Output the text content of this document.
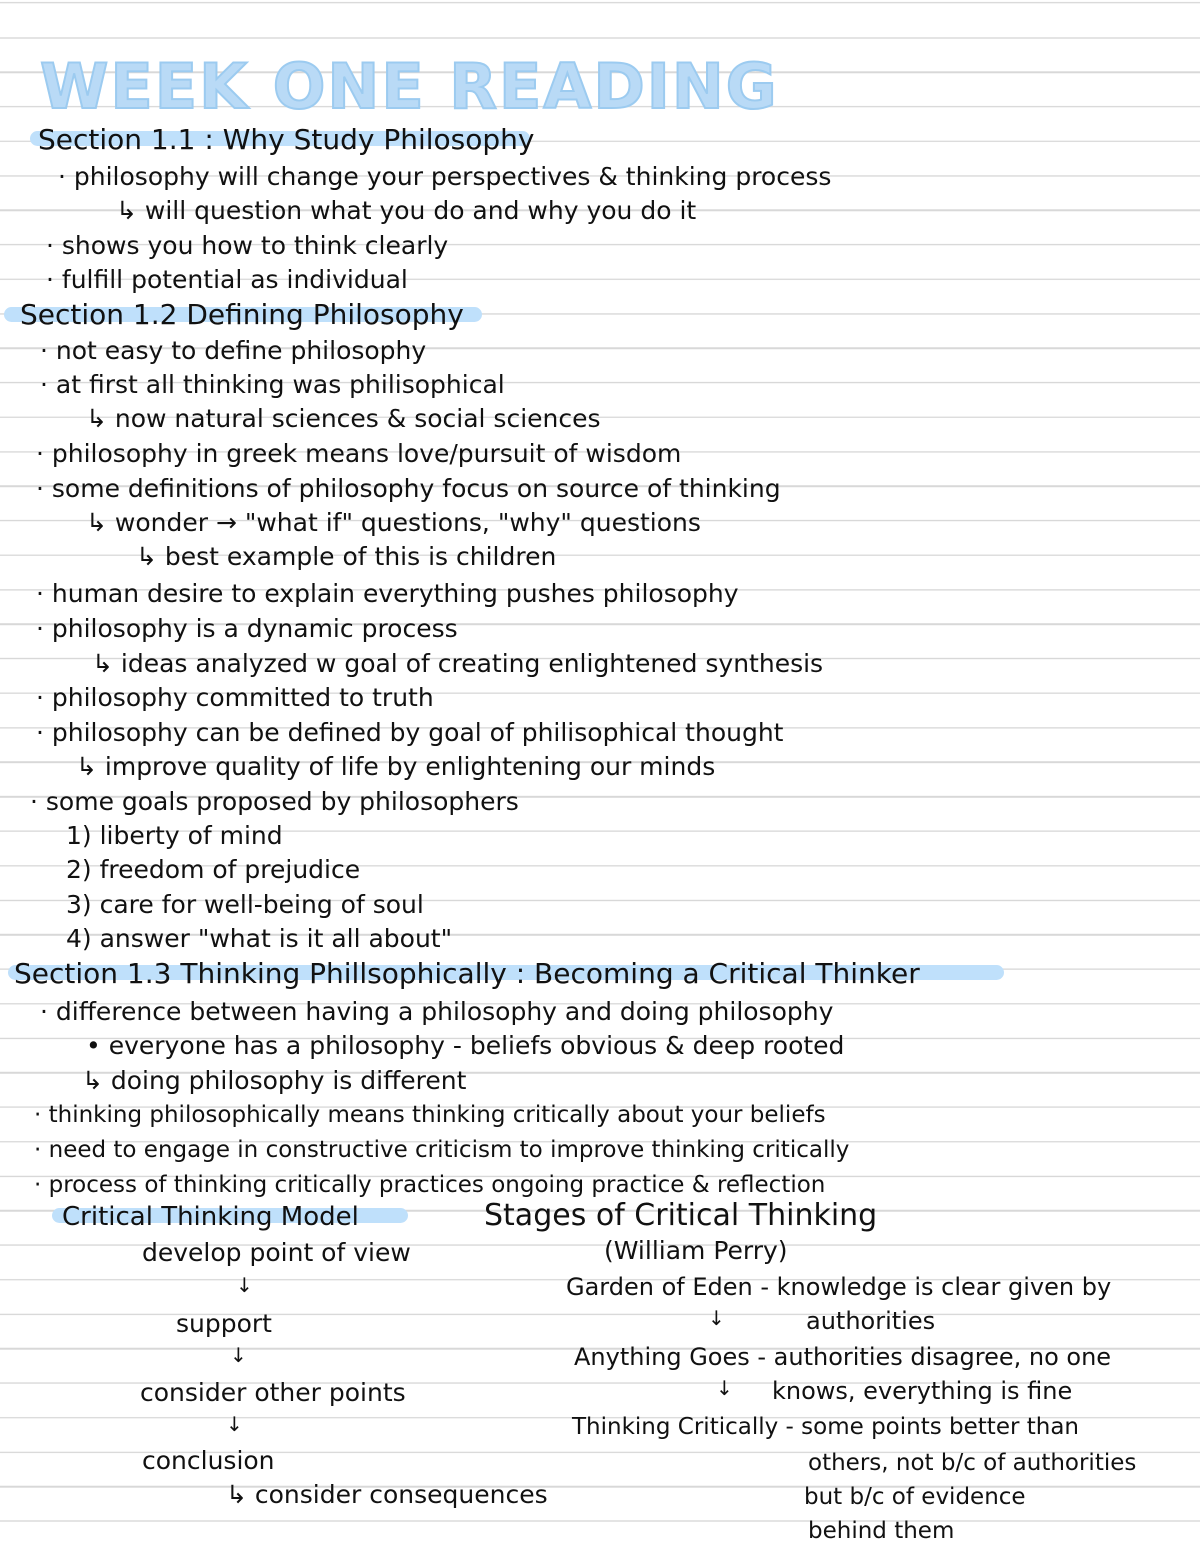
WEEK ONE READING
Section 1.1 : Why Study Philosophy
· philosophy will change your perspectives & thinking process
↳ will question what you do and why you do it
· shows you how to think clearly
· fulfill potential as individual
Section 1.2 Defining Philosophy
· not easy to define philosophy
· at first all thinking was philisophical
↳ now natural sciences & social sciences
· philosophy in greek means love/pursuit of wisdom
· some definitions of philosophy focus on source of thinking
↳ wonder → "what if" questions, "why" questions
↳ best example of this is children
· human desire to explain everything pushes philosophy
· philosophy is a dynamic process
↳ ideas analyzed w goal of creating enlightened synthesis
· philosophy committed to truth
· philosophy can be defined by goal of philisophical thought
↳ improve quality of life by enlightening our minds
· some goals proposed by philosophers
1) liberty of mind
2) freedom of prejudice
3) care for well-being of soul
4) answer "what is it all about"
Section 1.3 Thinking Phillsophically : Becoming a Critical Thinker
· difference between having a philosophy and doing philosophy
• everyone has a philosophy - beliefs obvious & deep rooted
↳ doing philosophy is different
· thinking philosophically means thinking critically about your beliefs
· need to engage in constructive criticism to improve thinking critically
· process of thinking critically practices ongoing practice & reflection
Critical Thinking Model
develop point of view
↓
support
↓
consider other points
↓
conclusion
↳ consider consequences
Stages of Critical Thinking
(William Perry)
Garden of Eden - knowledge is clear given by
↓	authorities
Anything Goes - authorities disagree, no one
↓ knows, everything is fine
Thinking Critically - some points better than
others, not b/c of authorities
but b/c of evidence
behind them
